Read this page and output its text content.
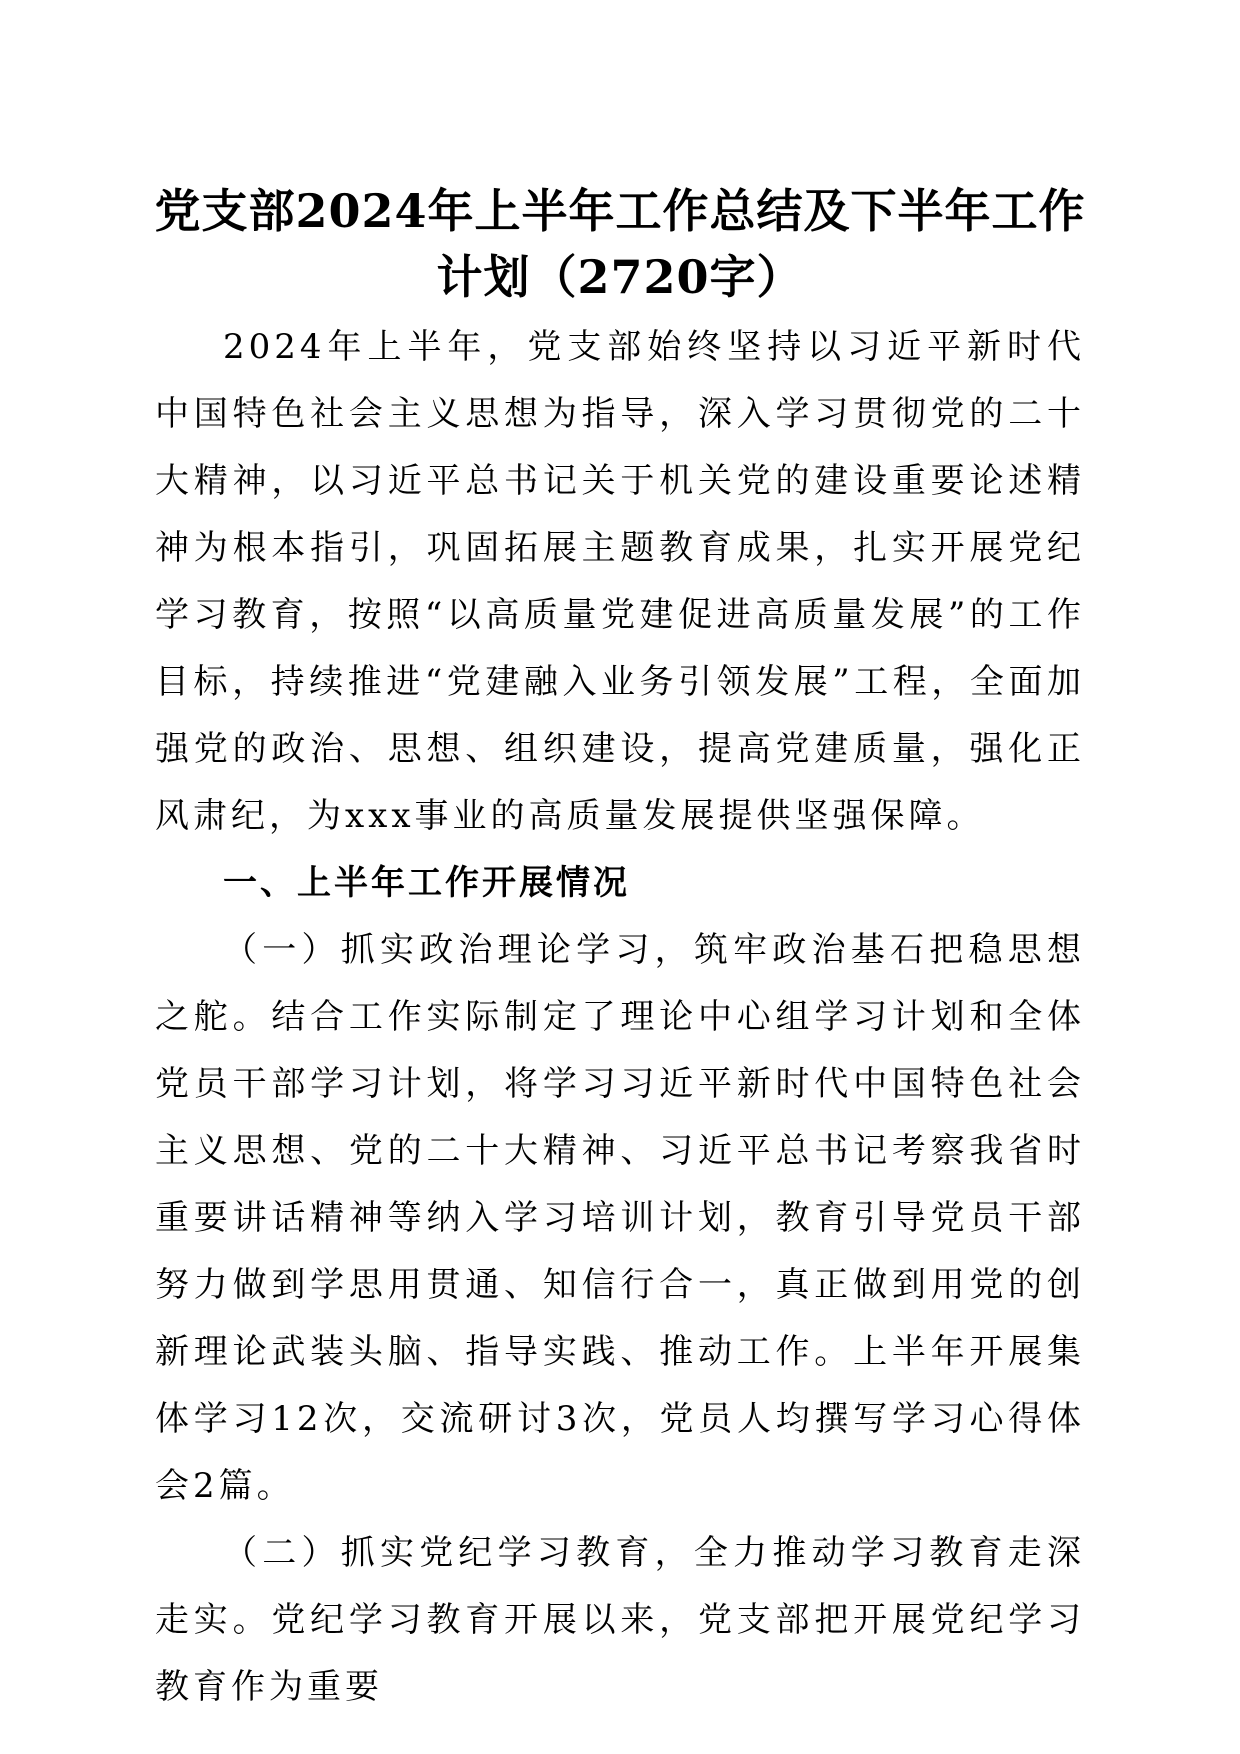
党支部2024年上半年工作总结及下半年工作
计划（2720字）

2024年上半年，党支部始终坚持以习近平新时代中国特色社会主义思想为指导，深入学习贯彻党的二十大精神，以习近平总书记关于机关党的建设重要论述精神为根本指引，巩固拓展主题教育成果，扎实开展党纪学习教育，按照“以高质量党建促进高质量发展”的工作目标，持续推进“党建融入业务引领发展”工程，全面加强党的政治、思想、组织建设，提高党建质量，强化正风肃纪，为xxx事业的高质量发展提供坚强保障。

一、上半年工作开展情况

（一）抓实政治理论学习，筑牢政治基石把稳思想之舵。结合工作实际制定了理论中心组学习计划和全体党员干部学习计划，将学习习近平新时代中国特色社会主义思想、党的二十大精神、习近平总书记考察我省时重要讲话精神等纳入学习培训计划，教育引导党员干部努力做到学思用贯通、知信行合一，真正做到用党的创新理论武装头脑、指导实践、推动工作。上半年开展集体学习12次，交流研讨3次，党员人均撰写学习心得体会2篇。

（二）抓实党纪学习教育，全力推动学习教育走深走实。党纪学习教育开展以来，党支部把开展党纪学习教育作为重要
